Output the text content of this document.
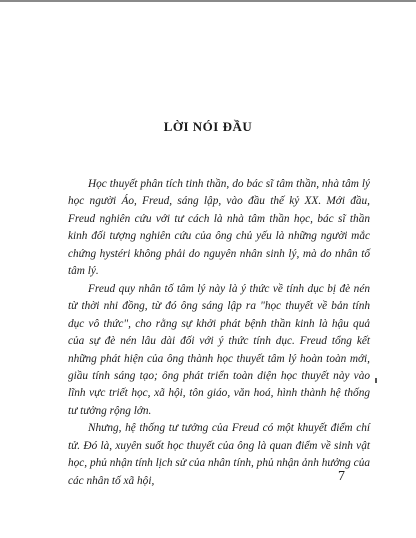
LỜI NÓI ĐẦU

Học thuyết phân tích tinh thần, do bác sĩ tâm thần, nhà tâm lý học người Áo, Freud, sáng lập, vào đầu thế kỷ XX. Mới đầu, Freud nghiên cứu với tư cách là nhà tâm thần học, bác sĩ thần kinh đối tượng nghiên cứu của ông chủ yếu là những người mắc chứng hystéri không phải do nguyên nhân sinh lý, mà do nhân tố tâm lý.

Freud quy nhân tố tâm lý này là ý thức về tính dục bị đè nén từ thời nhi đồng, từ đó ông sáng lập ra "học thuyết về bản tính dục vô thức", cho rằng sự khởi phát bệnh thần kinh là hậu quả của sự đè nén lâu dài đối với ý thức tính dục. Freud tổng kết những phát hiện của ông thành học thuyết tâm lý hoàn toàn mới, giầu tính sáng tạo; ông phát triển toàn diện học thuyết này vào lĩnh vực triết học, xã hội, tôn giáo, văn hoá, hình thành hệ thống tư tưởng rộng lớn.

Nhưng, hệ thống tư tưởng của Freud có một khuyết điểm chí tử. Đó là, xuyên suốt học thuyết của ông là quan điểm về sinh vật học, phủ nhận tính lịch sử của nhân tính, phủ nhận ảnh hưởng của các nhân tố xã hội,	7
